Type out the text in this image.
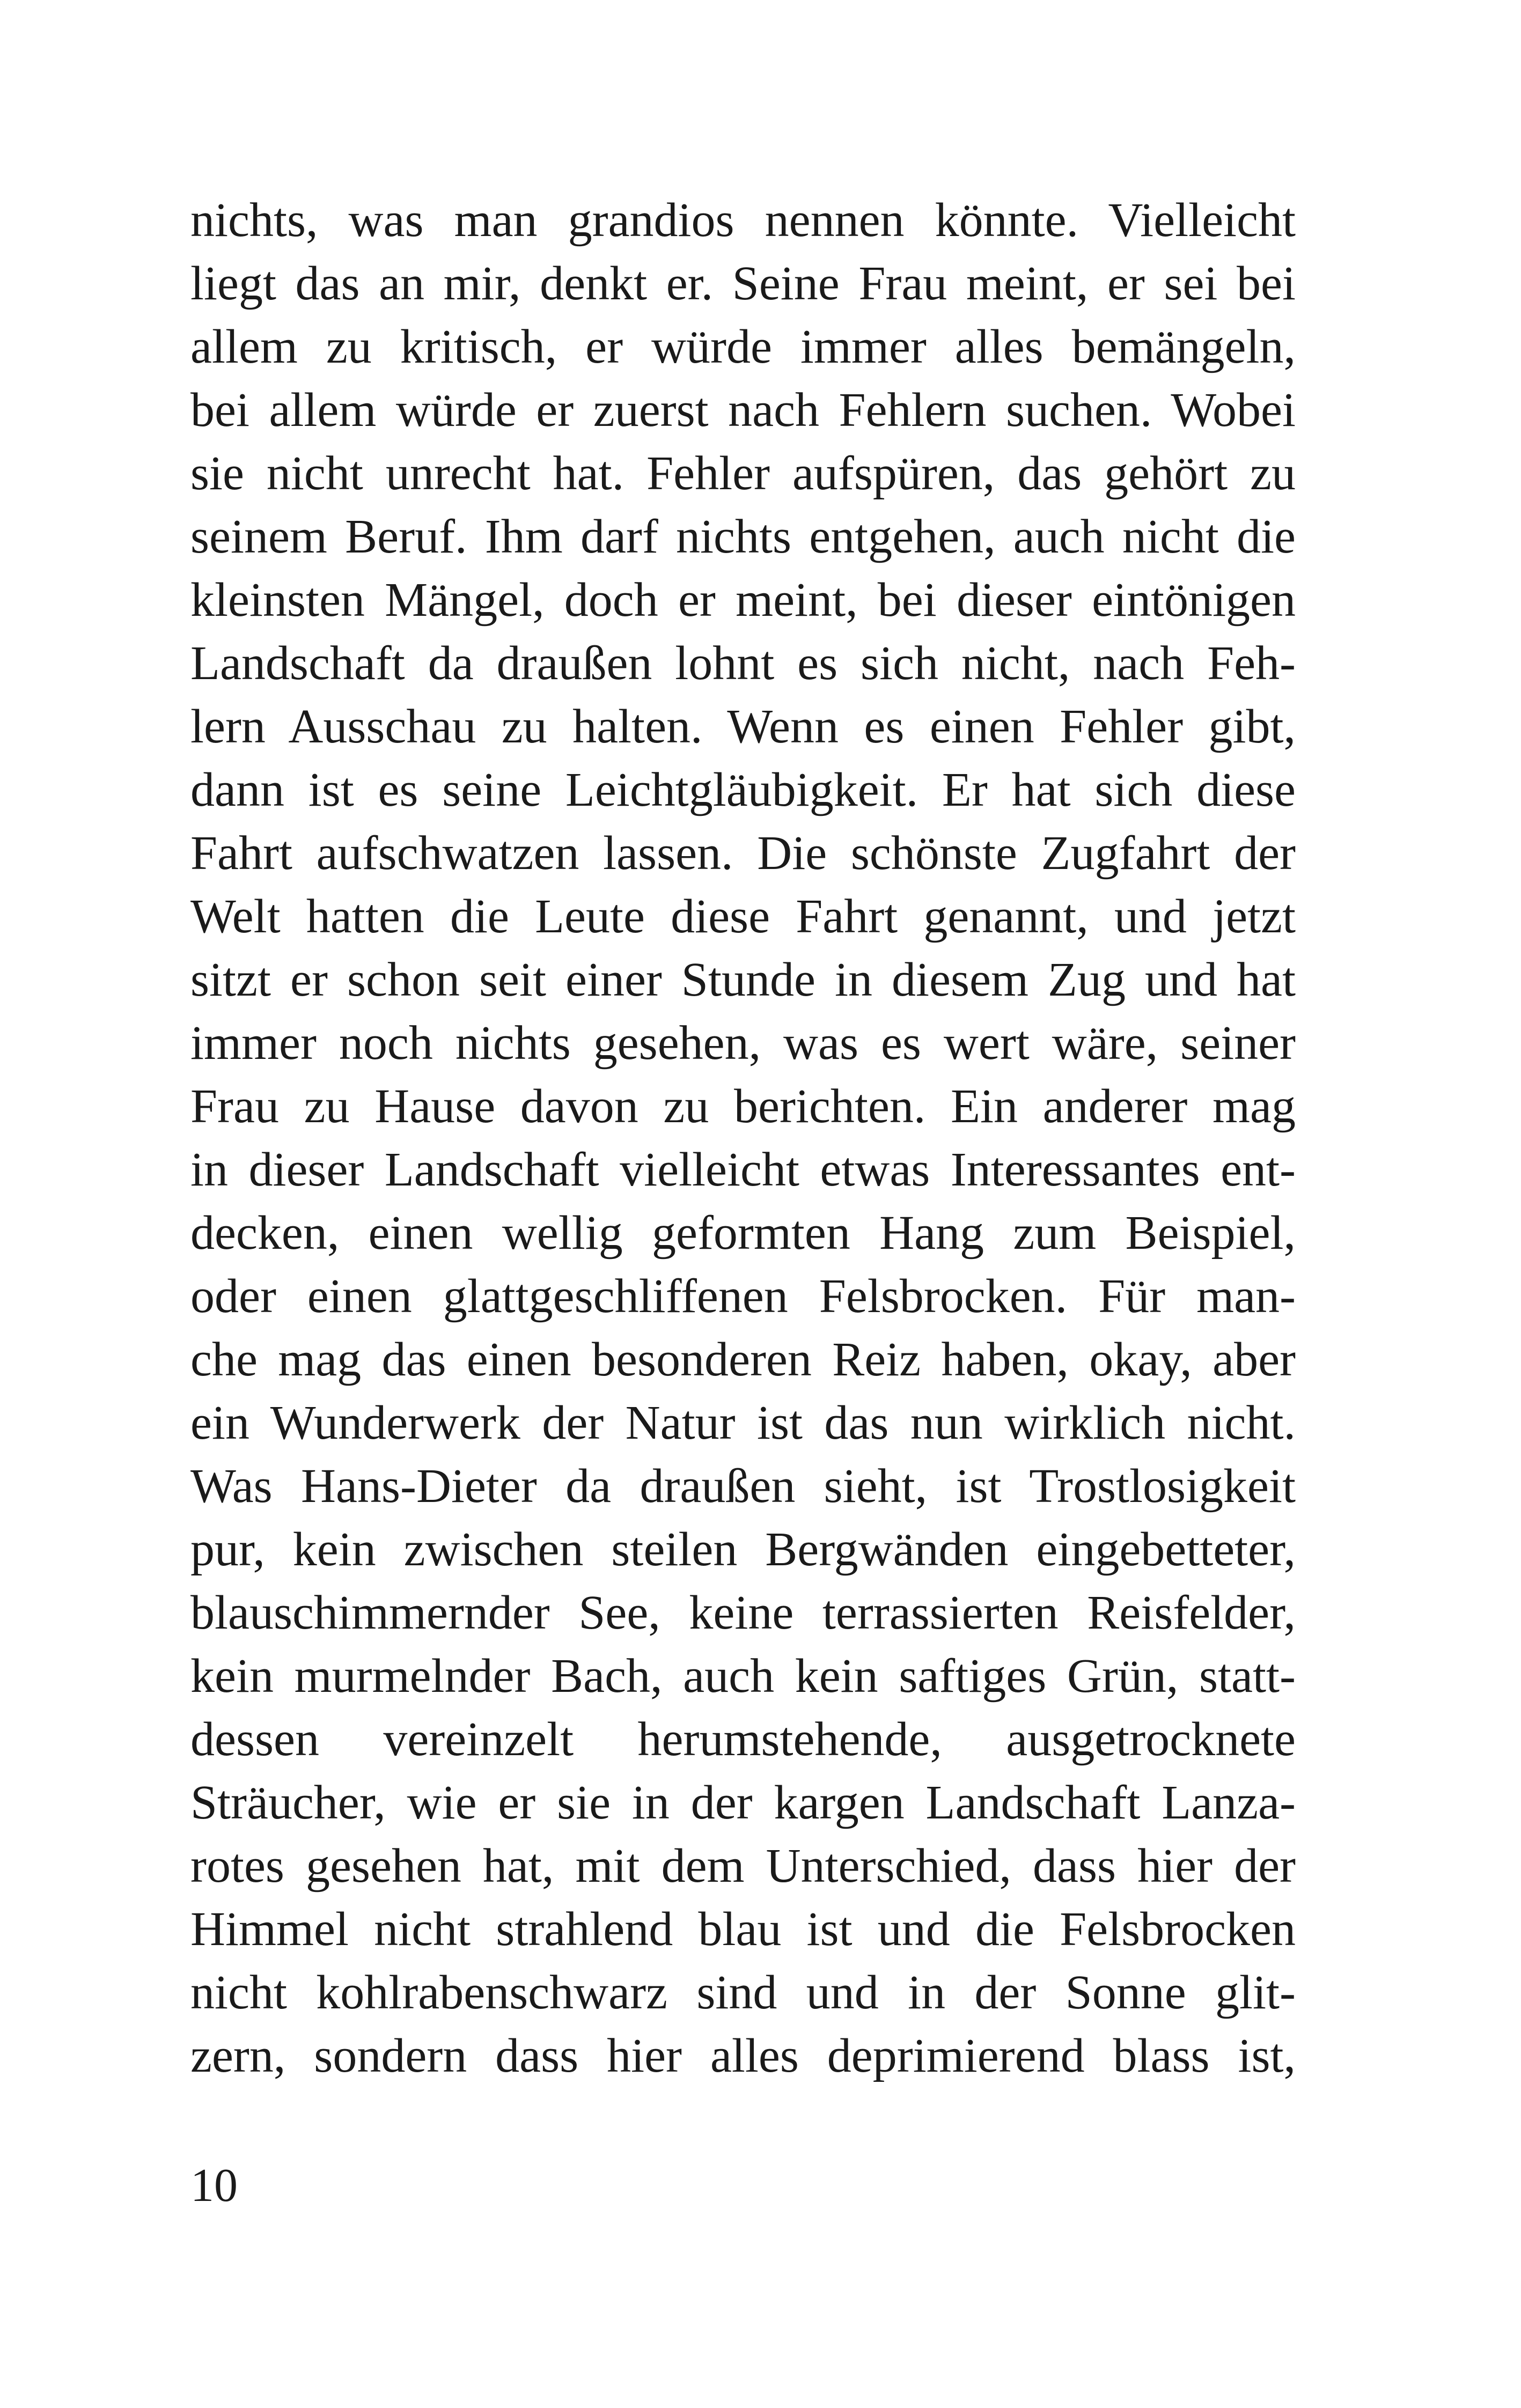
nichts, was man grandios nennen könnte. Vielleicht
liegt das an mir, denkt er. Seine Frau meint, er sei bei
allem zu kritisch, er würde immer alles bemängeln,
bei allem würde er zuerst nach Fehlern suchen. Wobei
sie nicht unrecht hat. Fehler aufspüren, das gehört zu
seinem Beruf. Ihm darf nichts entgehen, auch nicht die
kleinsten Mängel, doch er meint, bei dieser eintönigen
Landschaft da draußen lohnt es sich nicht, nach Feh-
lern Ausschau zu halten. Wenn es einen Fehler gibt,
dann ist es seine Leichtgläubigkeit. Er hat sich diese
Fahrt aufschwatzen lassen. Die schönste Zugfahrt der
Welt hatten die Leute diese Fahrt genannt, und jetzt
sitzt er schon seit einer Stunde in diesem Zug und hat
immer noch nichts gesehen, was es wert wäre, seiner
Frau zu Hause davon zu berichten. Ein anderer mag
in dieser Landschaft vielleicht etwas Interessantes ent-
decken, einen wellig geformten Hang zum Beispiel,
oder einen glattgeschliffenen Felsbrocken. Für man-
che mag das einen besonderen Reiz haben, okay, aber
ein Wunderwerk der Natur ist das nun wirklich nicht.
Was Hans-Dieter da draußen sieht, ist Trostlosigkeit
pur, kein zwischen steilen Bergwänden eingebetteter,
blauschimmernder See, keine terrassierten Reisfelder,
kein murmelnder Bach, auch kein saftiges Grün, statt-
dessen vereinzelt herumstehende, ausgetrocknete
Sträucher, wie er sie in der kargen Landschaft Lanza-
rotes gesehen hat, mit dem Unterschied, dass hier der
Himmel nicht strahlend blau ist und die Felsbrocken
nicht kohlrabenschwarz sind und in der Sonne glit-
zern, sondern dass hier alles deprimierend blass ist,
10
